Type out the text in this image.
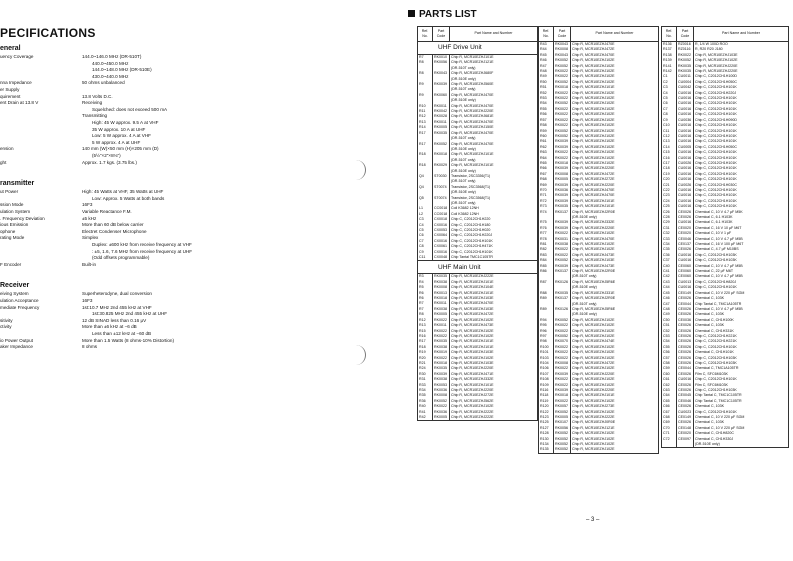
PECIFICATIONS
eneral
uency Coverage	144.0~146.0 MHz (DR-510T)
440.0~450.0 MHz
144.0~148.0 MHz (DR-510E)
430.0~440.0 MHz
nna Impedance	50 ohms unbalanced
er Supply
quirement	13.8 Volts D.C.
ent Drain at 13.8 V	Receiving
Squelched: does not exceed 500 mA
Transmitting
High: 45 W approx. 9.5 A at VHF
35 W approx. 10 A at UHF
Low: 5 W approx. 4 A at VHF
5 W approx. 4 A at UHF
ension	140 mm (W)×50 mm (H)×205 mm (D)
(5½"×2"×8⅛")
ght	Approx. 1.7 kgs. (3.75 lbs.)
ransmitter
ut Power	High: 45 Watts at VHF, 35 Watts at UHF
Low: Approx. 5 Watts at both bands
ssion Mode	16F3
ulation System	Variable Reactance F.M.
. Frequency Deviation	±5 kHz
ious Emission	More than 60 dB below carrier
ophone	Electret Condenser Microphone
rating Mode	Simplex
Duplex: ±600 kHz from receive frequency at VHF
: ±5, 1.6, 7.6 MHz from receive frequency at UHF
(Odd offsets programmable)
F Encoder	Built-in
Receiver
eiving System	Superheterodyne, dual conversion
ulation Acceptance	16F3
mediate Frequency	1st:10.7 MHz 2nd 455 kHz at VHF
1st:30.825 MHz 2nd 455 kHz at UHF
sitivity	12 dB SINAD less than 0.16 μV
ctivity	More than ±6 kHz at −6 dB
Less than ±12 kHz at −60 dB
io Power Output	More than 1.5 Watts (8 ohms-10% Distortion)
aker Impedance	8 ohms
PARTS LIST
Ref. No.	Part Code	Part Name and Number
UHF Drive Unit		
R7	RK0010	Chip R, MCR10EZHJ101E
R8	RK0056	Chip R, MCR10EZHJ121E
		(DR-510T only)
R8	RK0043	Chip R, MCR10EZHJ680F
		(DR-510E only)
R9	RK0039	Chip R, MCR10EZHJ560E
		(DR-510T only)
R9	RK0060	Chip R, MCR10EZHJ470E
		(DR-510E only)
R10	RK0011	Chip R, MCR10EZHJ470E
R11	RK0042	Chip R, MCR10EZHJ220E
R12	RK0028	Chip R, MCR10EZHJ681E
R13	RK0011	Chip R, MCR10EZHJ470E
R14	RK0005	Chip R, MCR10EZHJ150E
R17	RK0035	Chip R, MCR10EZHJ470E
		(DR-510T only)
R17	RK0052	Chip R, MCR10EZHJ470E
		(DR-510E only)
R18	RK0018	Chip R, MCR10EZHJ101E
		(DR-510T only)
R18	RK0029	Chip R, MCR10EZHJ101E
		(DR-510E only)
Q4	ST0030	Transistor, 2SC3356(T1)
		(DR-510T only)
Q4	ST0074	Transistor, 2SC3568(T1)
		(DR-510E only)
Q5	ST0074	Transistor, 2SC3568(T1)
		(DR-510T only)
L1	CC0018	Coil K3682 12NH
L2	CC0018	Coil K3682 12NH
C3	CX0018	Chip C, C2012CH1H220
C4	CX0016	Chip C, C2012CH1H180
C5	CX0053	Chip C, C2012CH1H020
C6	CX0064	Chip C, C2012CH1H220J
C7	CX0016	Chip C, C2012CH1H101K
C8	CX0061	Chip C, C2012CH1H471K
C9	CX0016	Chip C, C2012CH1H101K
C11	CX0048	Chip Tantal TMC1C105TR
UHF Main Unit		
R3	RK0035	Chip R, MCR10EZHJ222E
R4	RK0038	Chip R, MCR10EZHJ101E
R5	RK0008	Chip R, MCR10EZHJ104E
R6	RK0013	Chip R, MCR10EZHJ101E
R6	RK0018	Chip R, MCR10EZHJ103E
R7	RK0011	Chip R, MCR10EZHJ470E
R7	RK0038	Chip R, MCR10EZHJ103E
R8	RK0005	Chip R, MCR10EZHJ472E
R12	RK0022	Chip R, MCR10EZHJ102E
R13	RK0011	Chip R, MCR10EZHJ473E
R15	RK0022	Chip R, MCR10EZHJ102E
R16	RK0022	Chip R, MCR10EZHJ102E
R17	RK0035	Chip R, MCR10EZHJ101E
R18	RK0038	Chip R, MCR10EZHJ101E
R19	RK0019	Chip R, MCR10EZHJ103E
R20	RK0022	Chip R, MCR10EZHJ102E
R21	RK0018	Chip R, MCR10EZHJ103E
R24	RK0035	Chip R, MCR10EZHJ220E
R30	RK0039	Chip R, MCR10EZHJ471E
R31	RK0038	Chip R, MCR10EZHJ332E
R33	RK0053	Chip R, MCR10EZHJ101E
R34	RK0036	Chip R, MCR10EZHJ220E
R35	RK0008	Chip R, MCR10EZHJ272E
R36	RK0052	Chip R, MCR10EZHJ562E
R40	RK0022	Chip R, MCR10EZHJ102E
R41	RK0036	Chip R, MCR10EZHJ222E
R42	RK0005	Chip R, MCR10EZHJ222E
Ref. No.	Part Code	Part Name and Number
R43	RK0043	Chip R, MCR10EZHJ470E
R44	RK0008	Chip R, MCR10EZHJ472E
R45	RK0043	Chip R, MCR10EZHJ470E
R46	RK0052	Chip R, MCR10EZHJ102E
R47	RK0052	Chip R, MCR10EZHJ102E
R48	RK0022	Chip R, MCR10EZHJ102E
R49	RK0022	Chip R, MCR10EZHJ102E
R50	RK0052	Chip R, MCR10EZHJ102E
R51	RK0018	Chip R, MCR10EZHJ101E
R52	RK0022	Chip R, MCR10EZHJ102E
R53	RK0022	Chip R, MCR10EZHJ102E
R54	RK0052	Chip R, MCR10EZHJ102E
R55	RK0022	Chip R, MCR10EZHJ102E
R56	RK0022	Chip R, MCR10EZHJ102E
R57	RK0022	Chip R, MCR10EZHJ102E
R58	RK0022	Chip R, MCR10EZHJ102E
R59	RK0052	Chip R, MCR10EZHJ102E
R60	RK0052	Chip R, MCR10EZHJ102E
R61	RK0039	Chip R, MCR10EZHJ102E
R62	RK0039	Chip R, MCR10EZHJ102E
R63	RK0022	Chip R, MCR10EZHJ102E
R64	RK0022	Chip R, MCR10EZHJ102E
R65	RK0018	Chip R, MCR10EZHJ102E
R66	RK0039	Chip R, MCR10EZHJ220E
R67	RK0008	Chip R, MCR10EZHJ472E
R68	RK0005	Chip R, MCR10EZHJ272E
R69	RK0039	Chip R, MCR10EZHJ220E
R70	RK0036	Chip R, MCR10EZHJ470E
R71	RK0039	Chip R, MCR10EZHJ470E
R72	RK0039	Chip R, MCR10EZHJ101E
R73	RK0035	Chip R, MCR10EZHJ101E
R74	RK0137	Chip R, MCR10EZHJ2R0E
		(DR-510E only)
R75	RK0039	Chip R, MCR10EZHJ332E
R76	RK0039	Chip R, MCR10EZHJ220E
R77	RK0022	Chip R, MCR10EZHJ102E
R78	RK0031	Chip R, MCR10EZHJ470E
R81	RK0038	Chip R, MCR10EZHJ102E
R82	RK0022	Chip R, MCR10EZHJ102E
R83	RK0022	Chip R, MCR10EZHJ473E
R84	RK0052	Chip R, MCR10EZHJ103E
R85	RK0039	Chip R, MCR10EZHJ473E
R86	RK0137	Chip R, MCR10EZHJ2R0E
		(DR-510T only)
R87	RK0126	Chip R, MCR10EZHJ5R6E
		(DR-510E only)
R88	RK0035	Chip R, MCR10EZHJ331E
R89	RK0137	Chip R, MCR10EZHJ2R0E
		(DR-510T only)
R89	RK0126	Chip R, MCR10EZHJ5R6E
		(DR-510E only)
R94	RK0052	Chip R, MCR10EZHJ102E
R95	RK0022	Chip R, MCR10EZHJ102E
R96	RK0022	Chip R, MCR10EZHJ102E
R97	RK0052	Chip R, MCR10EZHJ102E
R98	RK0070	Chip R, MCR10EZHJ474E
R100	RK0022	Chip R, MCR10EZHJ102E
R101	RK0022	Chip R, MCR10EZHJ102E
R103	RK0022	Chip R, MCR10EZHJ102E
R104	RK0008	Chip R, MCR10EZHJ472E
R106	RK0022	Chip R, MCR10EZHJ102E
R107	RK0039	Chip R, MCR10EZHJ220E
R108	RK0022	Chip R, MCR10EZHJ102E
R109	RK0022	Chip R, MCR10EZHJ102E
R116	RK0039	Chip R, MCR10EZHJ220E
R118	RK0018	Chip R, MCR10EZHJ101E
R119	RK0022	Chip R, MCR10EZHJ102E
R120	RK0057	Chip R, MCR10EZHJ273E
R122	RK0052	Chip R, MCR10EZHJ102E
R123	RK0005	Chip R, MCR10EZHJ222E
R125	RK0107	Chip R, MCR10EZHJ0R0E
R127	RK0056	Chip R, MCR10EZHJ121E
R128	RK0052	Chip R, MCR10EZHJ102E
R130	RK0052	Chip R, MCR10EZHJ102E
R134	RK0052	Chip R, MCR10EZHJ102E
R135	RK0052	Chip R, MCR10EZHJ102E
Ref. No.	Part Code	Part Name and Number
R136	RZ0016	R, 1/4 W 100Ω ROO
R137	RZ0116	R, R20 R20 J180
R138	RK0022	Chip R, MCR10EZHJ103E
R139	RK0052	Chip R, MCR10EZHJ102E
R141	RK0035	Chip R, MCR10EZHJ220E
R142	RK0035	Chip R, MCR10EZHJ220E
C1	CU0011	Chip C, C2012CH1H100D
C2	CU0004	Chip C, C2012CH1H050C
C3	CU0042	Chip C, C2012CH1H101K
C4	CU0016	Chip C, C2012CH1H220J
C5	CU0016	Chip C, C2012CH1H101K
C6	CU0016	Chip C, C2012CH1H101K
C7	CU0016	Chip C, C2012CH1H101K
C8	CU0016	Chip C, C2012CH1H101K
C9	CU0036	Chip C, C2012CH1H090D
C10	CU0016	Chip C, C2012CH1H101K
C11	CU0016	Chip C, C2012CH1H101K
C12	CU0016	Chip C, C2012CH1H101K
C13	CU0016	Chip C, C2012CH1H101K
C14	CU0005	Chip C, C2012CH1H050C
C15	CU0016	Chip C, C2012CH1H101K
C16	CU0016	Chip C, C2012CH1H101K
C17	CU0026	Chip C, C2012CH1H101K
C18	CU0016	Chip C, C2012CH1H101K
C19	CU0016	Chip C, C2012CH1H101K
C20	CU0016	Chip C, C2012CH1H101K
C21	CU0026	Chip C, C2012CH1H030C
C22	CU0016	Chip C, C2012CH1H101K
C23	CU0016	Chip C, C2012CH1H101K
C24	CU0016	Chip C, C2012CH1H101K
C25	CU0016	Chip C, C2012CH1H101K
C26	CE0026	Chemical C, 10 V 4.7 μF M5K
C28	CE0026	Chemical C, 6.1 H103K
C29	CU0016	Chemical C, 6.1 H103K
C31	CE0020	Chemical C, 16 V 10 μF M6T
C32	CE0020	Chemical C, 10 V 1 μF
C33	CE0046	Chemical C, 10 V 4.7 μF M5B
C34	CE0137	Chemical C, 16 V 100 μF M6T
C35	CE0026	Chemical C, 4.7 μF M10BS
C36	CU0016	Chip C, C2012CH1H103K
C37	CU0016	Chip C, C2012CH1H103K
C40	CE0060	Chemical C, 10 V 4.7 μF M5B
C41	CE0060	Chemical C, 22 μF M6T
C42	CE0060	Chemical C, 10 V 4.7 μF M5B
C43	CU0013	Chip C, C2012CH1H820J
C44	CU0016	Chip C, C2012CH1H101K
C45	CE0149	Chemical C, 10 V 220 μF SGM
C46	CE0026	Chemical C, 103K
C47	CE0044	Chip Tantal C, TMC1A105TR
C48	CE0026	Chemical C, 10 V 4.7 μF M5B
C49	CE0026	Chemical C, 103K
C50	CE0036	Chemical C, CH1H100K
C51	CE0026	Chemical C, 103K
C52	CE0026	Chemical C, CH1H331K
C53	CE0026	Chip C, C2012CH1H221K
C54	CE0026	Chip C, C2012CH1H221K
C55	CE0026	Chip C, C2012CH1H101K
C56	CE0026	Chemical C, CH1H101K
C57	CE0026	Chip C, C2012CH1H103K
C58	CE0026	Chip C, C2012CH1H103K
C59	CE0044	Chemical C, TMC1A105TR
C60	CE0026	Film C, SFC6M103K
C61	CU0016	Chip C, C2012CH1H101K
C62	CE0026	Film C, SFC6M103K
C63	CE0026	Chip C, C2012CH1H103K
C64	CE0045	Chip Tantal C, TMC1C105TR
C65	CE0046	Chip Tantal C, TMC1C105TR
C66	CE0026	Chemical C, 103K
C67	CU0023	Chip C, C2012CH1H101K
C68	CE0149	Chemical C, 10 V 220 μF SGM
C69	CE0026	Chemical C, 103K
C70	CE0148	Chemical C, 10 V 220 μF SGM
C71	CE0020	Chemical C, CH1H820C
C72	CE0097	Chemical C, CH1H330J
		(DR-510E only)
– 3 –
